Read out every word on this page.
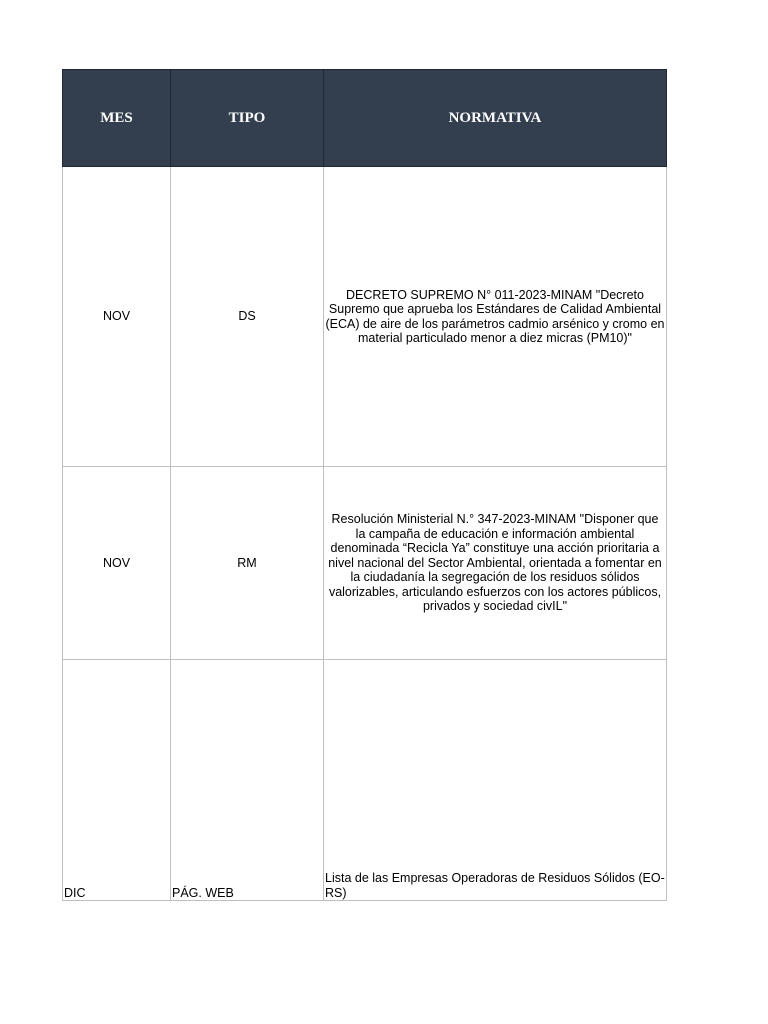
MES	TIPO	NORMATIVA
NOV	DS	DECRETO SUPREMO N° 011-2023-MINAM "Decreto Supremo que aprueba los Estándares de Calidad Ambiental (ECA) de aire de los parámetros cadmio arsénico y cromo en material particulado menor a diez micras (PM10)"
NOV	RM	Resolución Ministerial N.° 347-2023-MINAM "Disponer que la campaña de educación e información ambiental denominada “Recicla Ya” constituye una acción prioritaria a nivel nacional del Sector Ambiental, orientada a fomentar en la ciudadanía la segregación de los residuos sólidos valorizables, articulando esfuerzos con los actores públicos, privados y sociedad civIL"
DIC	PÁG. WEB	Lista de las Empresas Operadoras de Residuos Sólidos (EO-RS)
